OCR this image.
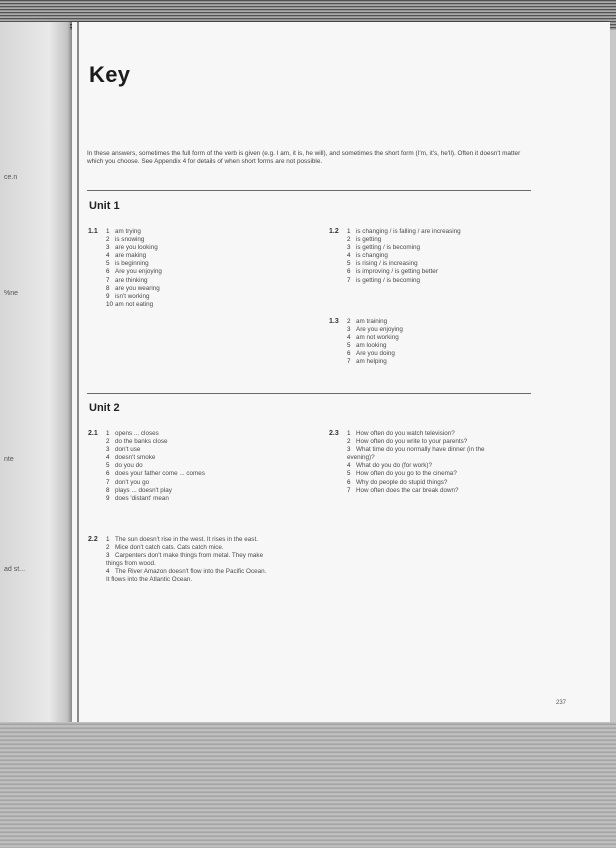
ce.n
%ne
nte
ad st...
Key

In these answers, sometimes the full form of the verb is given (e.g. I am, it is, he will), and sometimes the short form (I'm, it's, he'll). Often it doesn't matter which you choose. See Appendix 4 for details of when short forms are not possible.

Unit 1
1.1 1 am trying
2 is snowing
3 are you looking
4 are making
5 is beginning
6 Are you enjoying
7 are thinking
8 are you wearing
9 isn't working
10 am not eating
1.2 1 is changing / is falling / are increasing
2 is getting
3 is getting / is becoming
4 is changing
5 is rising / is increasing
6 is improving / is getting better
7 is getting / is becoming
1.3 2 am training
3 Are you enjoying
4 am not working
5 am looking
6 Are you doing
7 am helping
Unit 2
2.1 1 opens ... closes
2 do the banks close
3 don't use
4 doesn't smoke
5 do you do
6 does your father come ... comes
7 don't you go
8 plays ... doesn't play
9 does 'distant' mean
2.2 1 The sun doesn't rise in the west. It rises in the east.
2 Mice don't catch cats. Cats catch mice.
3 Carpenters don't make things from metal. They make things from wood.
4 The River Amazon doesn't flow into the Pacific Ocean. It flows into the Atlantic Ocean.
2.3 1 How often do you watch television?
2 How often do you write to your parents?
3 What time do you normally have dinner (in the evening)?
4 What do you do (for work)?
5 How often do you go to the cinema?
6 Why do people do stupid things?
7 How often does the car break down?
237
